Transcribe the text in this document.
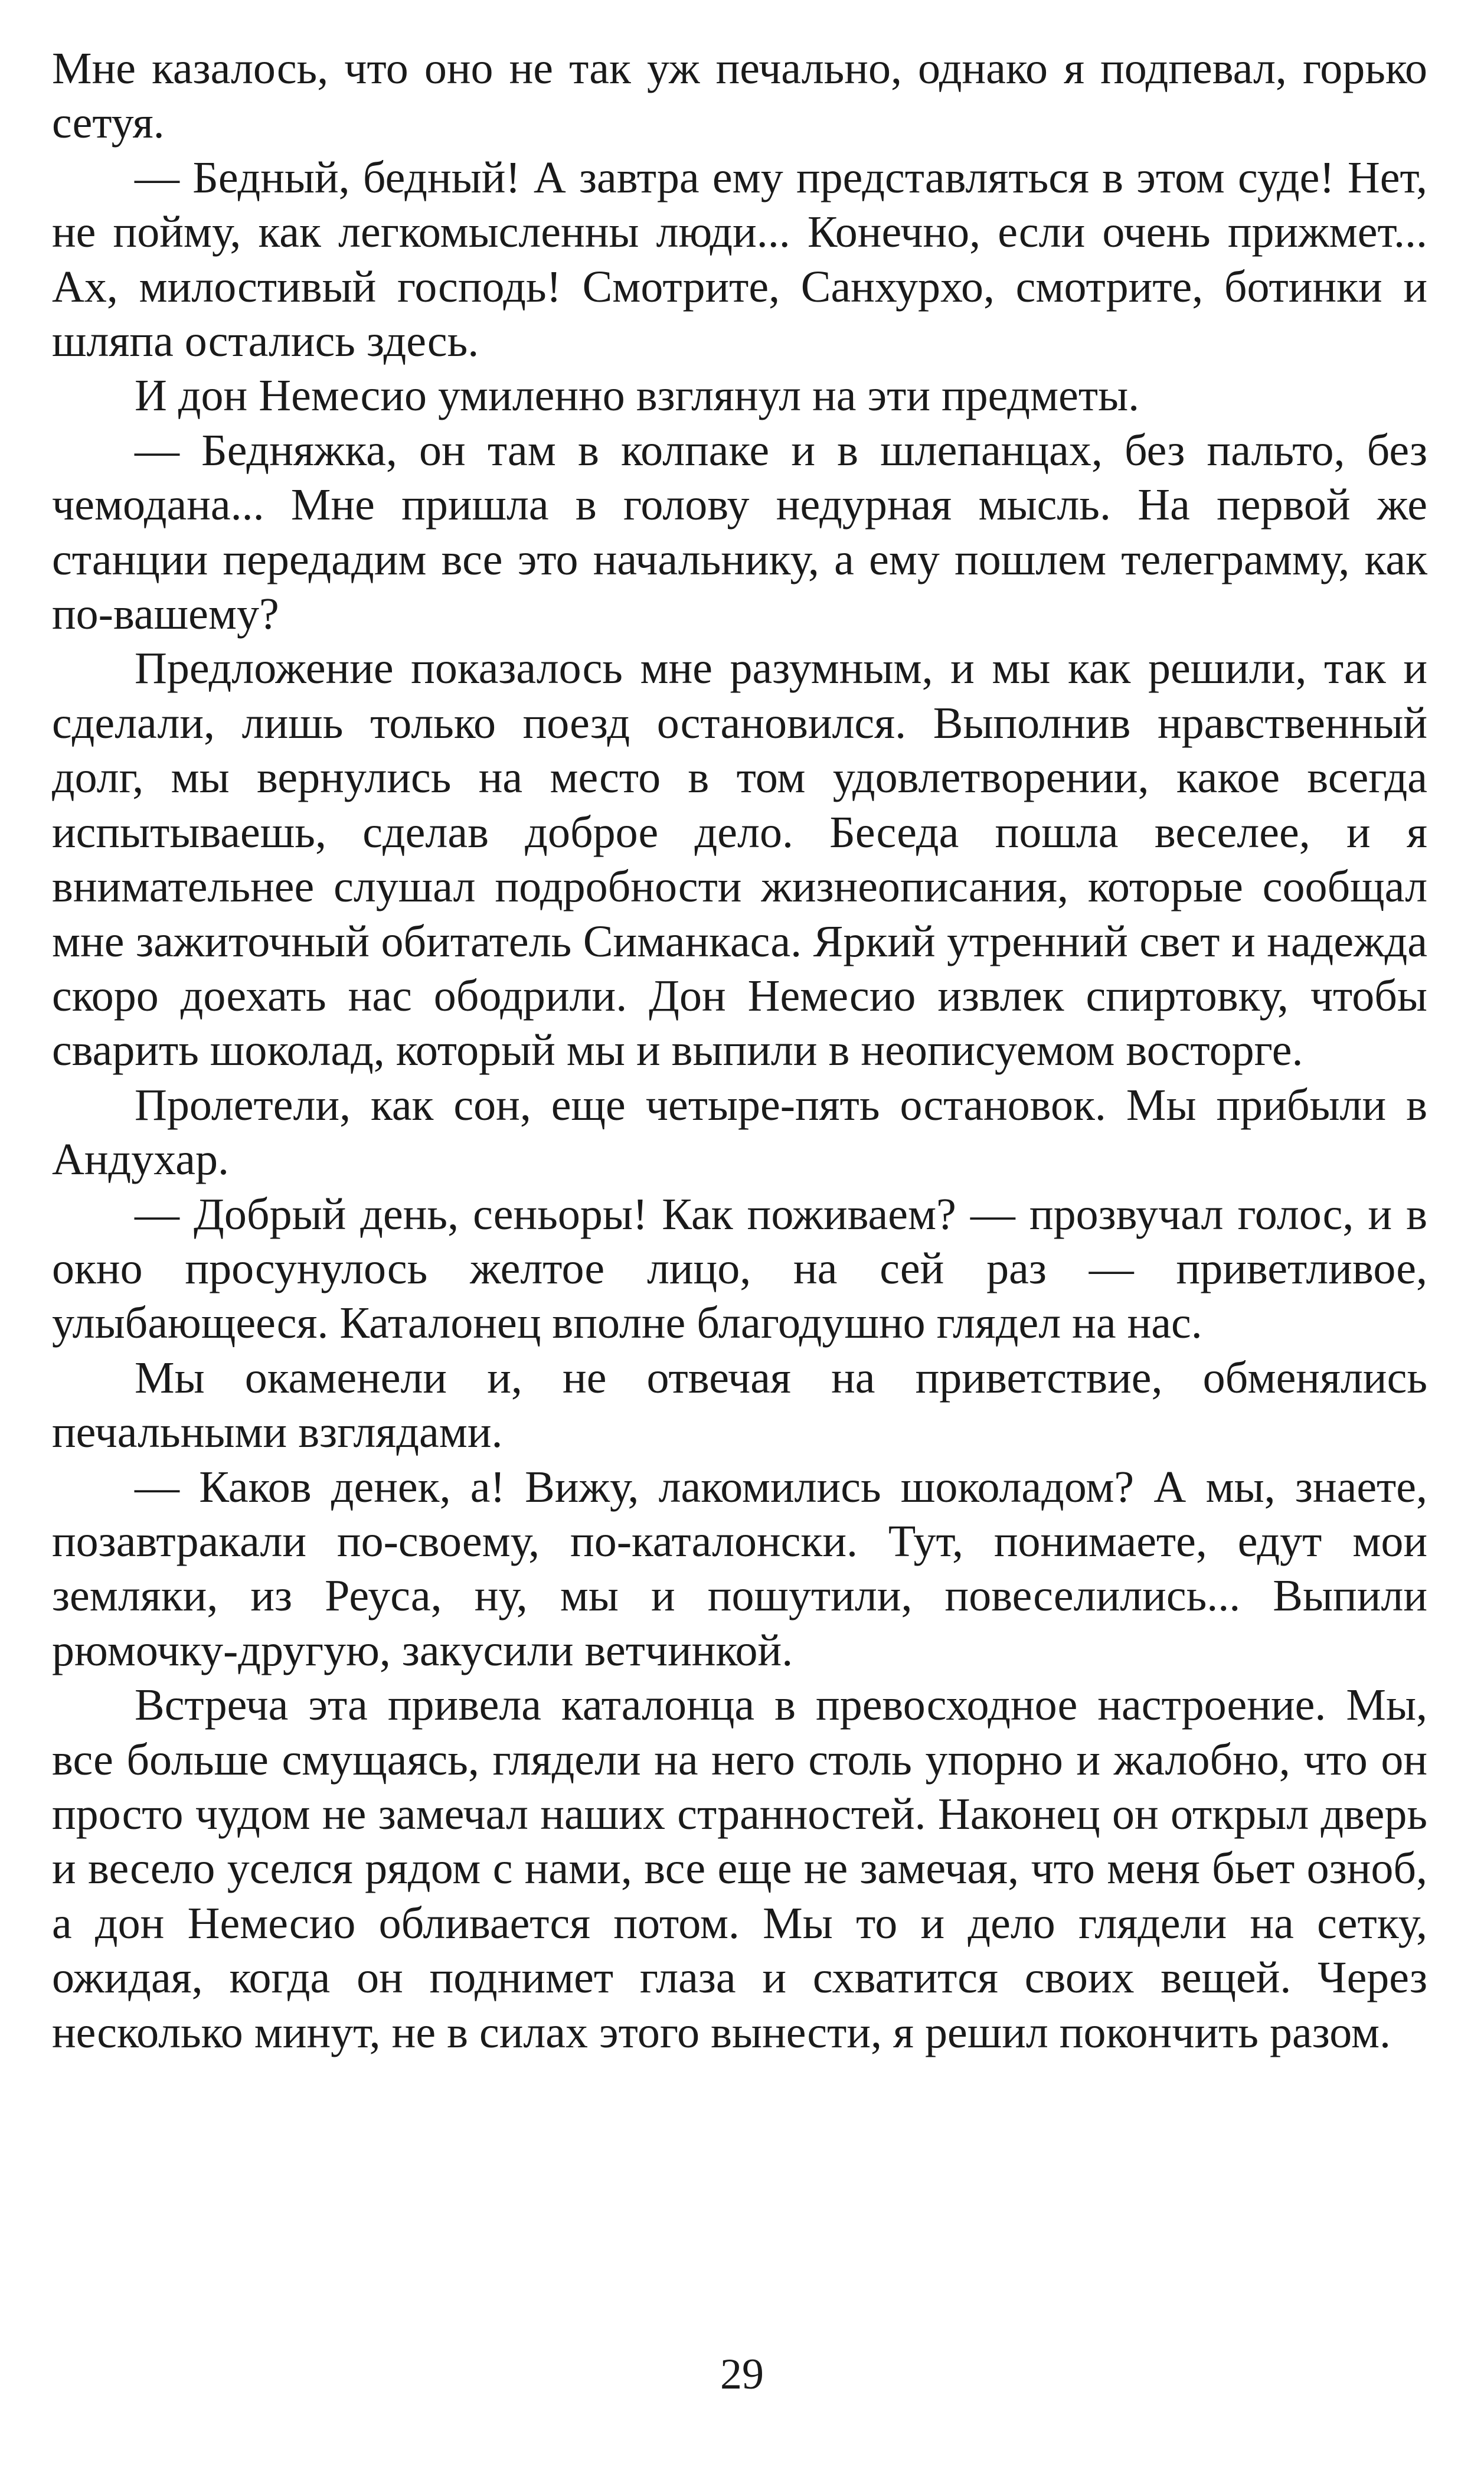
Мне казалось, что оно не так уж печально, однако я подпевал, горько сетуя.

— Бедный, бедный! А завтра ему представляться в этом суде! Нет, не пойму, как легкомысленны люди... Конечно, если очень прижмет... Ах, милостивый господь! Смотрите, Санхурхо, смотрите, ботинки и шляпа остались здесь.

И дон Немесио умиленно взглянул на эти предметы.

— Бедняжка, он там в колпаке и в шлепанцах, без пальто, без чемодана... Мне пришла в голову недурная мысль. На первой же станции передадим все это начальнику, а ему пошлем телеграмму, как по-вашему?

Предложение показалось мне разумным, и мы как решили, так и сделали, лишь только поезд остановился. Выполнив нравственный долг, мы вернулись на место в том удовлетворении, какое всегда испытываешь, сделав доброе дело. Беседа пошла веселее, и я внимательнее слушал подробности жизнеописания, которые сообщал мне зажиточный обитатель Симанкаса. Яркий утренний свет и надежда скоро доехать нас ободрили. Дон Немесио извлек спиртовку, чтобы сварить шоколад, который мы и выпили в неописуемом восторге.

Пролетели, как сон, еще четыре-пять остановок. Мы прибыли в Андухар.

— Добрый день, сеньоры! Как поживаем? — прозвучал голос, и в окно просунулось желтое лицо, на сей раз — приветливое, улыбающееся. Каталонец вполне благодушно глядел на нас.

Мы окаменели и, не отвечая на приветствие, обменялись печальными взглядами.

— Каков денек, а! Вижу, лакомились шоколадом? А мы, знаете, позавтракали по-своему, по-каталонски. Тут, понимаете, едут мои земляки, из Реуса, ну, мы и пошутили, повеселились... Выпили рюмочку-другую, закусили ветчинкой.

Встреча эта привела каталонца в превосходное настроение. Мы, все больше смущаясь, глядели на него столь упорно и жалобно, что он просто чудом не замечал наших странностей. Наконец он открыл дверь и весело уселся рядом с нами, все еще не замечая, что меня бьет озноб, а дон Немесио обливается потом. Мы то и дело глядели на сетку, ожидая, когда он поднимет глаза и схватится своих вещей. Через несколько минут, не в силах этого вынести, я решил покончить разом.

29
